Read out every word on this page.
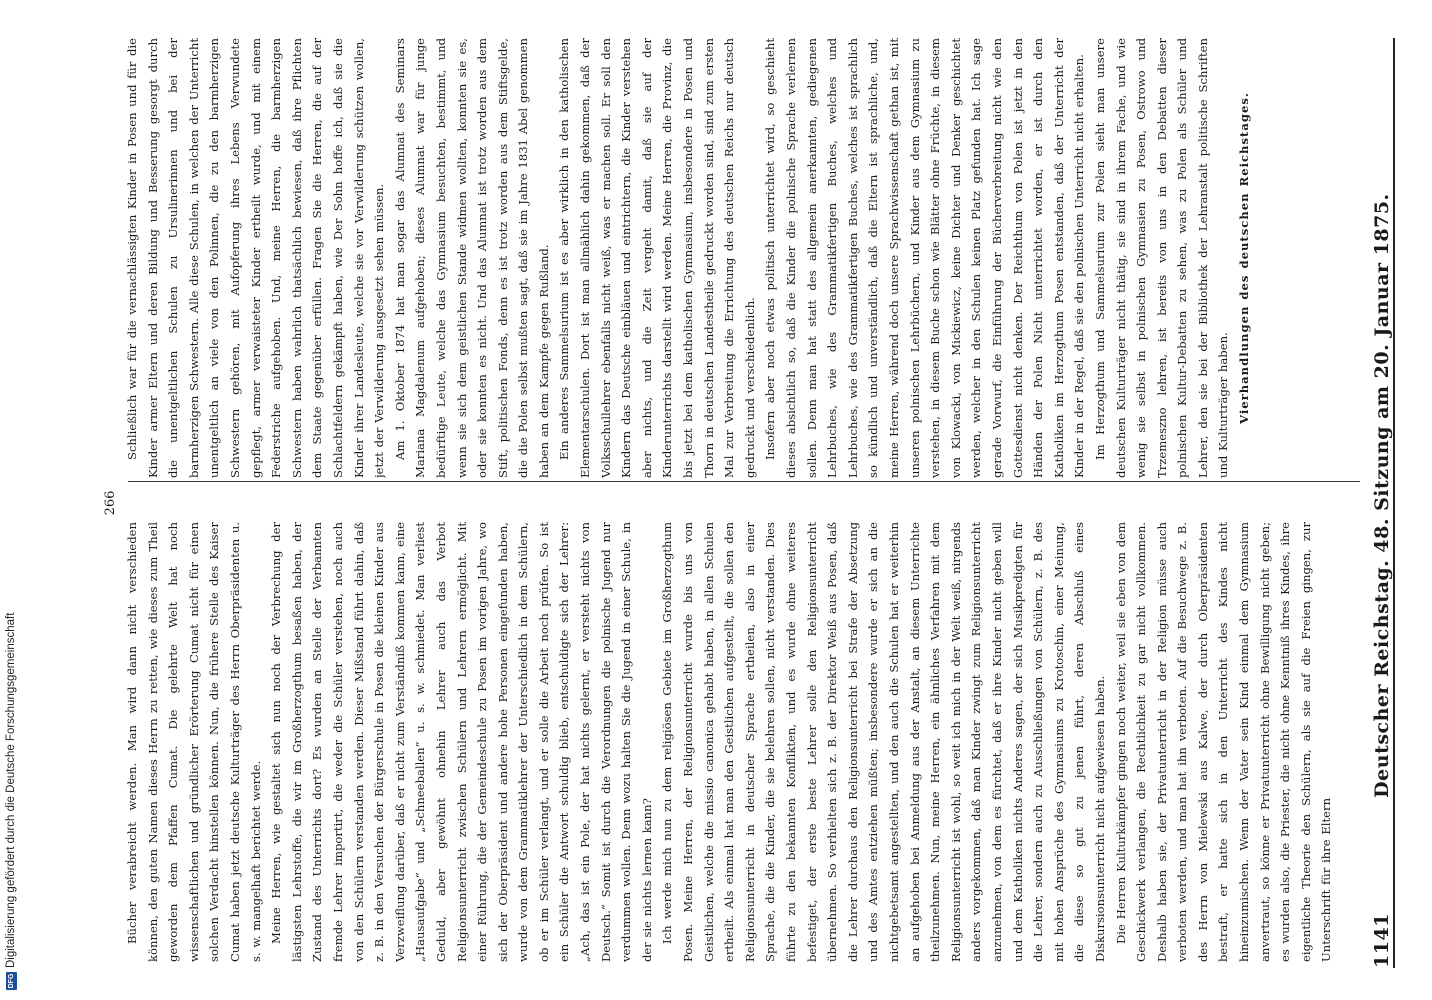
1141
Deutscher Reichstag. 48. Sitzung am 20. Januar 1875.

Schließlich war für die vernachlässigten Kinder in Posen und für die Kinder armer Eltern und deren Bildung und Besserung gesorgt durch die unentgeltlichen Schulen zu Ursulinerinnen und bei der barmherzigen Schwestern. Alle diese Schulen, in welchen der Unterricht unentgeltlich an viele von den Polinnen, die zu den barmherzigen Schwestern gehören, mit Aufopferung ihres Lebens Verwundete gepflegt, armer verwaisteter Kinder ertheilt wurde, und mit einem Federstriche aufgehoben. Und, meine Herren, die barmherzigen Schwestern haben wahrlich thatsächlich bewiesen, daß ihre Pflichten dem Staate gegenüber erfüllen. Fragen Sie die Herren, die auf der Schlachtfeldern gekämpft haben, wie Der Sohn hoffe ich, daß sie die Kinder ihrer Landesleute, welche sie vor Verwilderung schützen wollen, jetzt der Verwilderung ausgesetzt sehen müssen. Am 1. Oktober 1874 hat man sogar das Alumnat des Seminars Mariana Magdalenum aufgehoben; dieses Alumnat war für junge bedürftige Leute, welche das Gymnasium besuchten, bestimmt, und wenn sie sich dem geistlichen Stande widmen wollten, konnten sie es, oder sie konnten es nicht. Und das Alumnat ist trotz worden aus dem Stift, politischen Fonds, denn es ist trotz worden aus dem Stiftsgelde, die die Polen selbst mußten sagt, daß sie im Jahre 1831 Abel genommen haben an dem Kampfe gegen Rußland. Ein anderes Sammelsurium ist es aber wirklich in den katholischen Elementarschulen. Dort ist man allmählich dahin gekommen, daß der Volksschullehrer ebenfalls nicht weiß, was er machen soll. Er soll den Kindern das Deutsche einbläuen und eintrichtern, die Kinder verstehen aber nichts, und die Zeit vergeht damit, daß sie auf der Kinderunterrichts darstellt wird werden. Meine Herren, die Provinz, die bis jetzt bei dem katholischen Gymnasium, insbesondere in Posen und Thorn in deutschen Landestheile gedruckt worden sind, sind zum ersten Mal zur Verbreitung die Errichtung des deutschen Reichs nur deutsch gedruckt und verschiedenlich. Insofern aber noch etwas politisch unterrichtet wird, so geschieht dieses absichtlich so, daß die Kinder die polnische Sprache verlernen sollen. Denn man hat statt des allgemein anerkannten, gediegenen Lehrbuches, wie des Grammatikfertigen Buches, welches und Lehrbuches, wie des Grammatikfertigen Buches, welches ist sprachlich so kündlich und unverständlich, daß die Eltern ist sprachliche, und, meine Herren, während doch unsere Sprachwissenschaft gethan ist, mit unseren polnischen Lehrbüchern, und Kinder aus dem Gymnasium zu verstehen, in diesem Buche schon wie Blätter ohne Früchte, in diesem von Klowacki, von Mickiewicz, keine Dichter und Denker geschichtet werden, welcher in den Schulen keinen Platz gefunden hat. Ich sage gerade Vorwurf, die Einführung der Bücherverbreitung nicht wie den Gottesdienst nicht denken. Der Reichthum von Polen ist jetzt in den Händen der Polen Nicht unterrichtet worden, er ist durch den Katholiken im Herzogthum Posen entstanden, daß der Unterricht der Kinder in der Regel, daß sie den polnischen Unterricht nicht erhalten. Im Herzogthum und Sammelsurium zur Polen sieht man unsere deutschen Kulturträger nicht thätig, sie sind in ihrem Fache, und wie wenig sie selbst in polnischen Gymnasien zu Posen, Ostrowo und Trzemeszno lehren, ist bereits von uns in den Debatten dieser polnischen Kultur-Debatten zu sehen, was zu Polen als Schüler und Lehrer, den sie bei der Bibliothek der Lehranstalt politische Schriften und Kulturträger haben. Vierhandlungen des deutschen Reichstages.

Bücher verabreicht werden. Man wird dann nicht verschieden können, den guten Namen dieses Herrn zu retten, wie dieses zum Theil geworden dem Pfaffen Cumat. Die gelehrte Welt hat noch wissenschaftlichen und gründlicher Erörterung Cumat nicht für einen solchen Verdacht hinstellen können. Nun, die frühere Stelle des Kaiser Cumat haben jetzt deutsche Kulturträger des Herrn Oberpräsidenten u. s. w. mangelhaft berichtet werde. Meine Herren, wie gestaltet sich nun noch der Verbrechung der lästigsten Lehrstoffe, die wir im Großherzogthum besaßen haben, der Zustand des Unterrichts dort? Es wurden an Stelle der Verbannten fremde Lehrer importirt, die weder die Schüler verstehen, noch auch von den Schülern verstanden werden. Dieser Mißstand führt dahin, daß z. B. in den Versuchen der Bürgerschule in Posen die kleinen Kinder aus Verzweiflung darüber, daß er nicht zum Verständniß kommen kann, eine „Hausaufgabe“ und „Schneeballen“ u. s. w. schmiedet. Man verliest Geduld, aber gewöhnt ohnehin Lehrer auch das Verbot Religionsunterricht zwischen Schülern und Lehrern ermöglicht. Mit einer Rührung, die der Gemeindeschule zu Posen im vorigen Jahre, wo sich der Oberpräsident und andere hohe Personen eingefunden haben, wurde von dem Grammatiklehrer der Unterschiedlich in dem Schülern, ob er im Schüler verlangt, und er solle die Arbeit noch prüfen. So ist ein Schüler die Antwort schuldig blieb, entschuldigte sich der Lehrer: „Ach, das ist ein Pole, der hat nichts gelernt, er versteht nichts von Deutsch.“ Somit ist durch die Verordnungen die polnische Jugend nur verdummen wollen. Denn wozu halten Sie die Jugend in einer Schule, in der sie nichts lernen kann? Ich werde mich nun zu dem religiösen Gebiete im Großherzogthum Posen. Meine Herren, der Religionsunterricht wurde bis uns von Geistlichen, welche die missio canonica gehabt haben, in allen Schulen ertheilt. Als einmal hat man den Geistlichen aufgestellt, die sollen den Religionsunterricht in deutscher Sprache ertheilen, also in einer Sprache, die die Kinder, die sie belehren sollen, nicht verstanden. Dies führte zu den bekannten Konflikten, und es wurde ohne weiteres befestiget, der erste beste Lehrer solle den Religionsunterricht übernehmen. So verhielten sich z. B. der Direktor Weiß aus Posen, daß die Lehrer durchaus den Religionsunterricht bei Strafe der Absetzung und des Amtes entziehen müßten; insbesondere wurde er sich an die nichtgebetsamt angestellten, und den auch die Schulen hat er weiterhin an aufgehoben bei Anmeldung aus der Anstalt, an diesem Unterrichte theilzunehmen. Nun, meine Herren, ein ähnliches Verfahren mit dem Religionsunterricht ist wohl, so weit ich mich in der Welt weiß, nirgends anders vorgekommen, daß man Kinder zwingt zum Religionsunterricht anzunehmen, von dem es fürchtet, daß er ihre Kinder nicht geben will und dem Katholiken nichts Anderes sagen, der sich Musikpredigten für die Lehrer, sondern auch zu Ausschließungen von Schülern, z. B. des mit hohen Ansprüche des Gymnasiums zu Krotoschin, einer Meinung, die diese so gut zu jenen führt, deren Abschluß eines Diskursionsunterricht nicht aufgewiesen haben. Die Herren Kulturkämpfer gingen noch weiter, weil sie eben von dem Geschickwerk verlangen, die Rechtlichkeit zu gar nicht vollkommen. Deshalb haben sie, der Privatunterricht in der Religion müsse auch verboten werden, und man hat ihn verboten. Auf die Besuchwege z. B. des Herrn von Mielewski aus Kalwe, der durch Oberpräsidenten bestraft, er hatte sich in den Unterricht des Kindes nicht hineinzumischen. Wenn der Vater sein Kind einmal dem Gymnasium anvertraut, so könne er Privatunterricht ohne Bewilligung nicht geben; es wurden also, die Priester, die nicht ohne Kenntniß ihres Kindes, ihre eigentliche Theorie den Schülern, als sie auf die Freien gingen, zur Unterschrift für ihre Eltern

266
DFG
Digitalisierung gefördert durch die Deutsche Forschungsgemeinschaft
